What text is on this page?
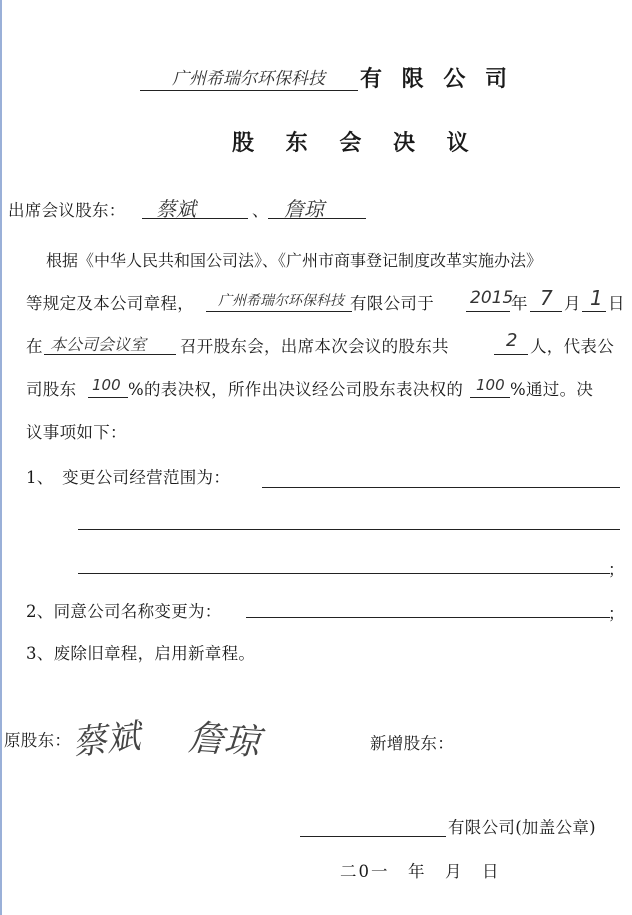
广州希瑞尔环保科技 有 限 公 司
股 东 会 决 议
出席会议股东： 蔡斌	、 詹琼
根据《中华人民共和国公司法》、《广州市商事登记制度改革实施办法》
等规定及本公司章程， 广州希瑞尔环保科技 有限公司于 2015
年 7 月 1 日
在 本公司会议室 召开股东会，出席本次会议的股东共	2 人，代表公
司股东 100 %的表决权，所作出决议经公司股东表决权的 100 %通过。决
议事项如下：
1、　变更公司经营范围为：
；
2、同意公司名称变更为：	；
3、废除旧章程，启用新章程。
原股东： 蔡斌 詹琼	新增股东：
有限公司(加盖公章)
二0一　年　月　日
